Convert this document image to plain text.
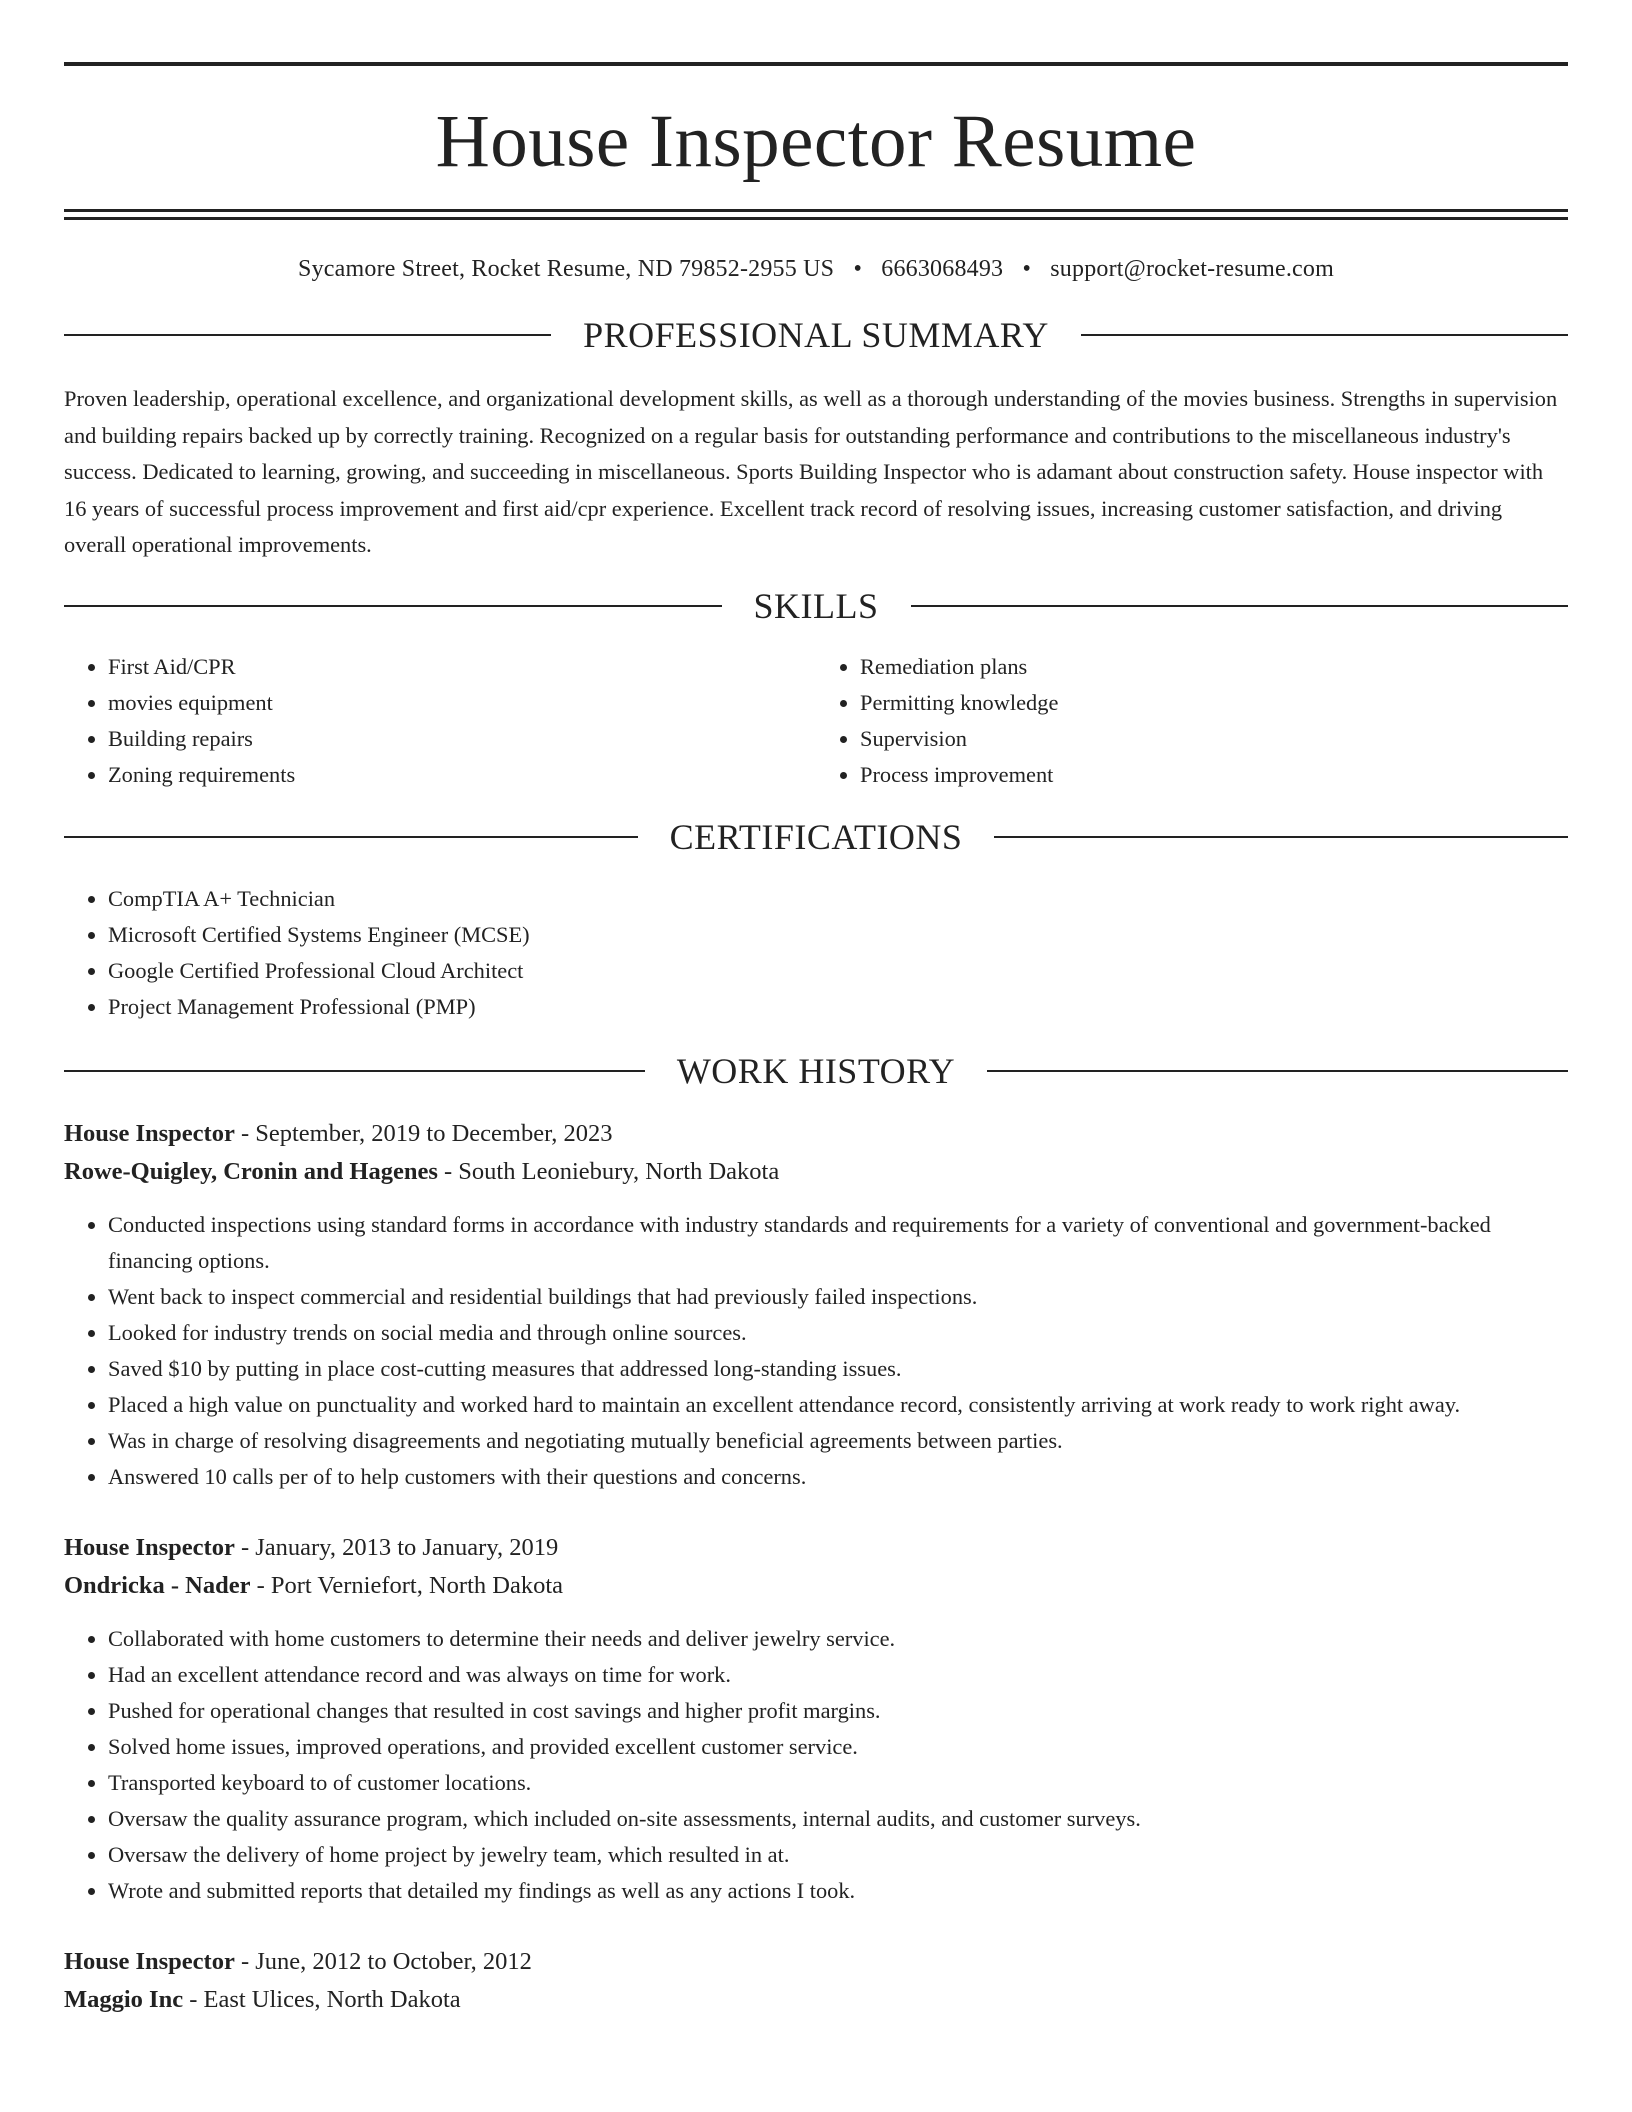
House Inspector Resume
Sycamore Street, Rocket Resume, ND 79852-2955 US • 6663068493 • support@rocket-resume.com
PROFESSIONAL SUMMARY

Proven leadership, operational excellence, and organizational development skills, as well as a thorough understanding of the movies business. Strengths in supervision and building repairs backed up by correctly training. Recognized on a regular basis for outstanding performance and contributions to the miscellaneous industry's success. Dedicated to learning, growing, and succeeding in miscellaneous. Sports Building Inspector who is adamant about construction safety. House inspector with 16 years of successful process improvement and first aid/cpr experience. Excellent track record of resolving issues, increasing customer satisfaction, and driving overall operational improvements.

SKILLS
• First Aid/CPR
• movies equipment
• Building repairs
• Zoning requirements
• Remediation plans
• Permitting knowledge
• Supervision
• Process improvement
CERTIFICATIONS
• CompTIA A+ Technician
• Microsoft Certified Systems Engineer (MCSE)
• Google Certified Professional Cloud Architect
• Project Management Professional (PMP)
WORK HISTORY
House Inspector - September, 2019 to December, 2023
Rowe-Quigley, Cronin and Hagenes - South Leoniebury, North Dakota
• Conducted inspections using standard forms in accordance with industry standards and requirements for a variety of conventional and government-backed financing options.
• Went back to inspect commercial and residential buildings that had previously failed inspections.
• Looked for industry trends on social media and through online sources.
• Saved $10 by putting in place cost-cutting measures that addressed long-standing issues.
• Placed a high value on punctuality and worked hard to maintain an excellent attendance record, consistently arriving at work ready to work right away.
• Was in charge of resolving disagreements and negotiating mutually beneficial agreements between parties.
• Answered 10 calls per of to help customers with their questions and concerns.
House Inspector - January, 2013 to January, 2019
Ondricka - Nader - Port Verniefort, North Dakota
• Collaborated with home customers to determine their needs and deliver jewelry service.
• Had an excellent attendance record and was always on time for work.
• Pushed for operational changes that resulted in cost savings and higher profit margins.
• Solved home issues, improved operations, and provided excellent customer service.
• Transported keyboard to of customer locations.
• Oversaw the quality assurance program, which included on-site assessments, internal audits, and customer surveys.
• Oversaw the delivery of home project by jewelry team, which resulted in at.
• Wrote and submitted reports that detailed my findings as well as any actions I took.
House Inspector - June, 2012 to October, 2012
Maggio Inc - East Ulices, North Dakota
